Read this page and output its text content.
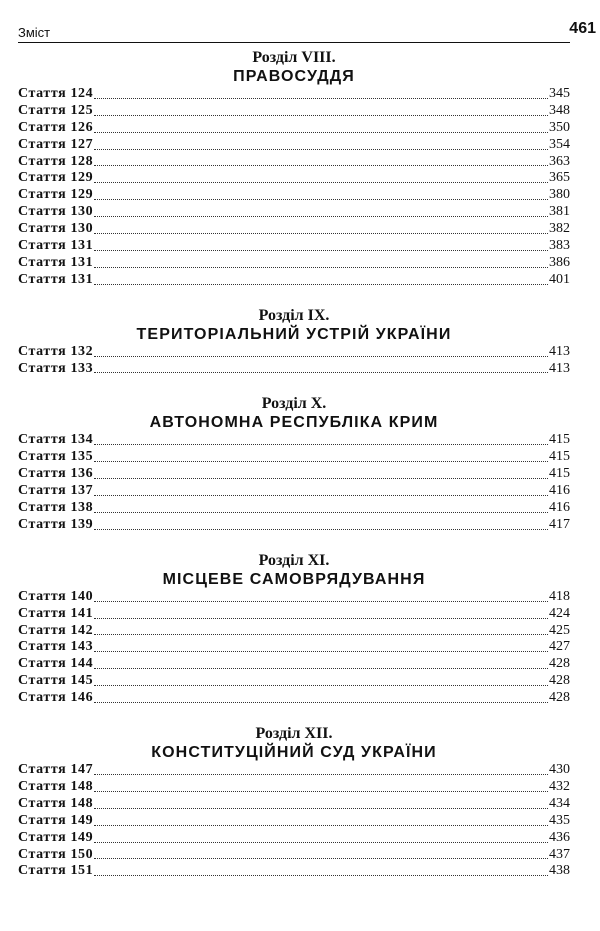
Зміст	461
Розділ VIII.
ПРАВОСУДДЯ
Стаття 124	345
Стаття 125	348
Стаття 126	350
Стаття 127	354
Стаття 128	363
Стаття 129	365
Стаття 129	380
Стаття 130	381
Стаття 130	382
Стаття 131	383
Стаття 131	386
Стаття 131	401
Розділ IX.
ТЕРИТОРІАЛЬНИЙ УСТРІЙ УКРАЇНИ
Стаття 132	413
Стаття 133	413
Розділ X.
АВТОНОМНА РЕСПУБЛІКА КРИМ
Стаття 134	415
Стаття 135	415
Стаття 136	415
Стаття 137	416
Стаття 138	416
Стаття 139	417
Розділ XI.
МІСЦЕВЕ САМОВРЯДУВАННЯ
Стаття 140	418
Стаття 141	424
Стаття 142	425
Стаття 143	427
Стаття 144	428
Стаття 145	428
Стаття 146	428
Розділ XII.
КОНСТИТУЦІЙНИЙ СУД УКРАЇНИ
Стаття 147	430
Стаття 148	432
Стаття 148	434
Стаття 149	435
Стаття 149	436
Стаття 150	437
Стаття 151	438
